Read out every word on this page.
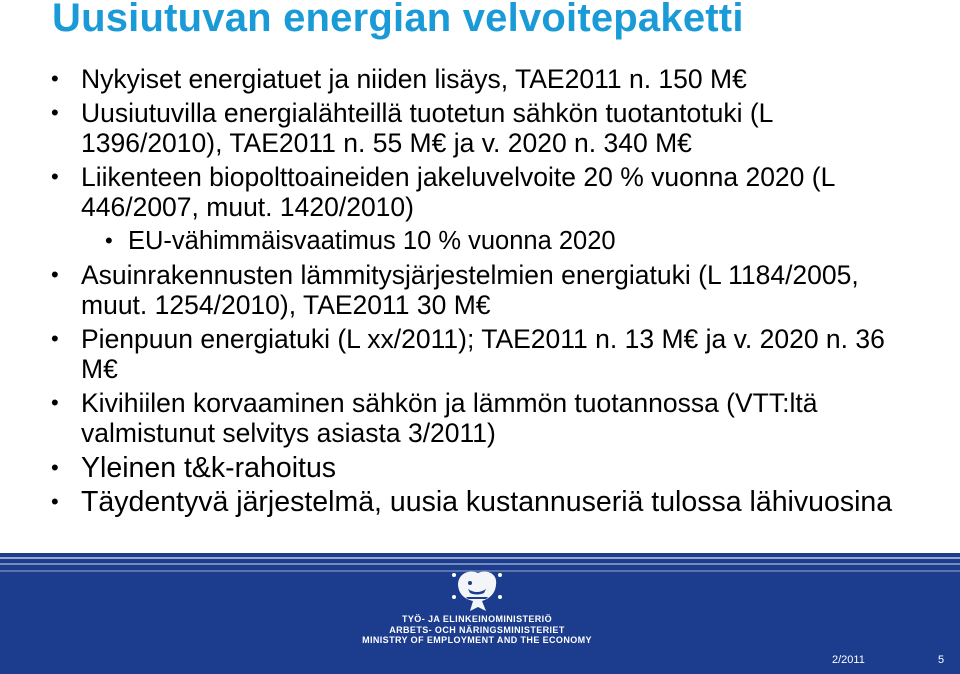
Uusiutuvan energian velvoitepaketti
• Nykyiset energiatuet ja niiden lisäys, TAE2011 n. 150 M€
• Uusiutuvilla energialähteillä tuotetun sähkön tuotantotuki (L 1396/2010), TAE2011 n. 55 M€ ja v. 2020 n. 340 M€
• Liikenteen biopolttoaineiden jakeluvelvoite 20 % vuonna 2020 (L 446/2007, muut. 1420/2010)
• EU-vähimmäisvaatimus 10 % vuonna 2020
• Asuinrakennusten lämmitysjärjestelmien energiatuki (L 1184/2005, muut. 1254/2010), TAE2011 30 M€
• Pienpuun energiatuki (L xx/2011); TAE2011 n. 13 M€ ja v. 2020 n. 36 M€
• Kivihiilen korvaaminen sähkön ja lämmön tuotannossa (VTT:ltä valmistunut selvitys asiasta 3/2011)
• Yleinen t&k-rahoitus
• Täydentyvä järjestelmä, uusia kustannuseriä tulossa lähivuosina
TYÖ- JA ELINKEINOMINISTERIÖ
ARBETS- OCH NÄRINGSMINISTERIET
MINISTRY OF EMPLOYMENT AND THE ECONOMY
2/2011	5
